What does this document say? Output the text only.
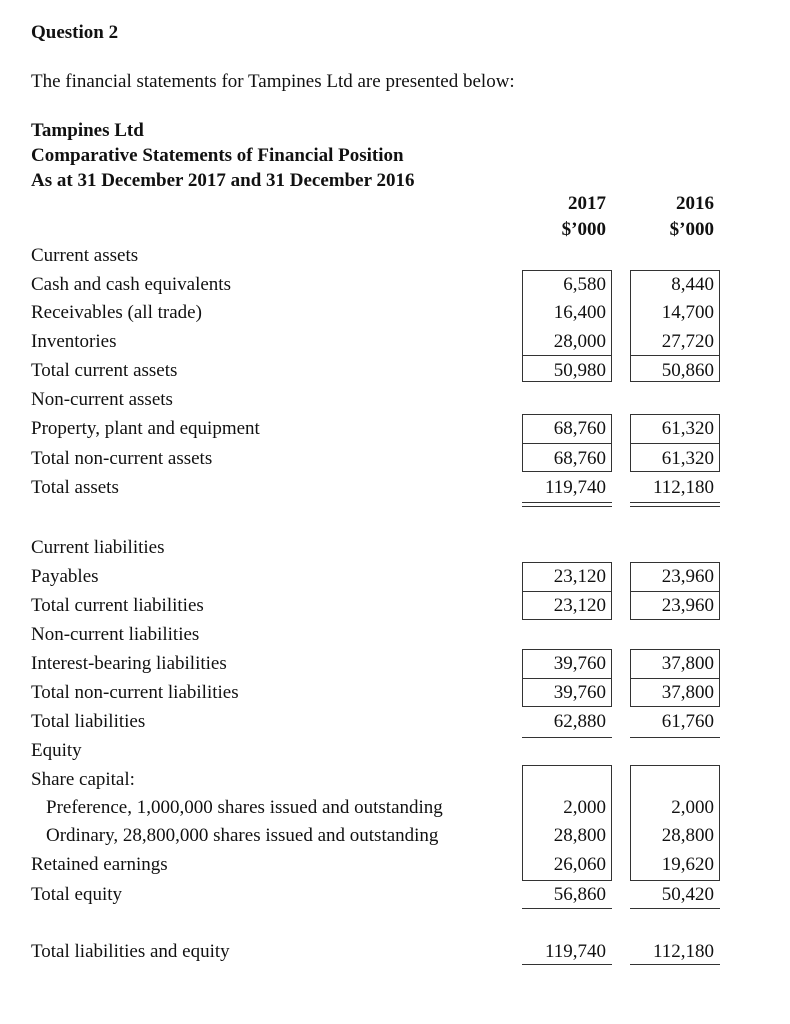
Question 2
The financial statements for Tampines Ltd are presented below:
Tampines Ltd
Comparative Statements of Financial Position
As at 31 December 2017 and 31 December 2016
2017
$’000
2016
$’000
Current assets
Cash and cash equivalents
Receivables (all trade)
Inventories
Total current assets
Non-current assets
Property, plant and equipment
Total non-current assets
Total assets
Current liabilities
Payables
Total current liabilities
Non-current liabilities
Interest-bearing liabilities
Total non-current liabilities
Total liabilities
Equity
Share capital:
Preference, 1,000,000 shares issued and outstanding
Ordinary, 28,800,000 shares issued and outstanding
Retained earnings
Total equity
Total liabilities and equity
6,580
16,400
28,000
50,980
68,760
68,760
119,740
23,120
23,120
39,760
39,760
62,880
2,000
28,800
26,060
56,860
119,740
8,440
14,700
27,720
50,860
61,320
61,320
112,180
23,960
23,960
37,800
37,800
61,760
2,000
28,800
19,620
50,420
112,180
